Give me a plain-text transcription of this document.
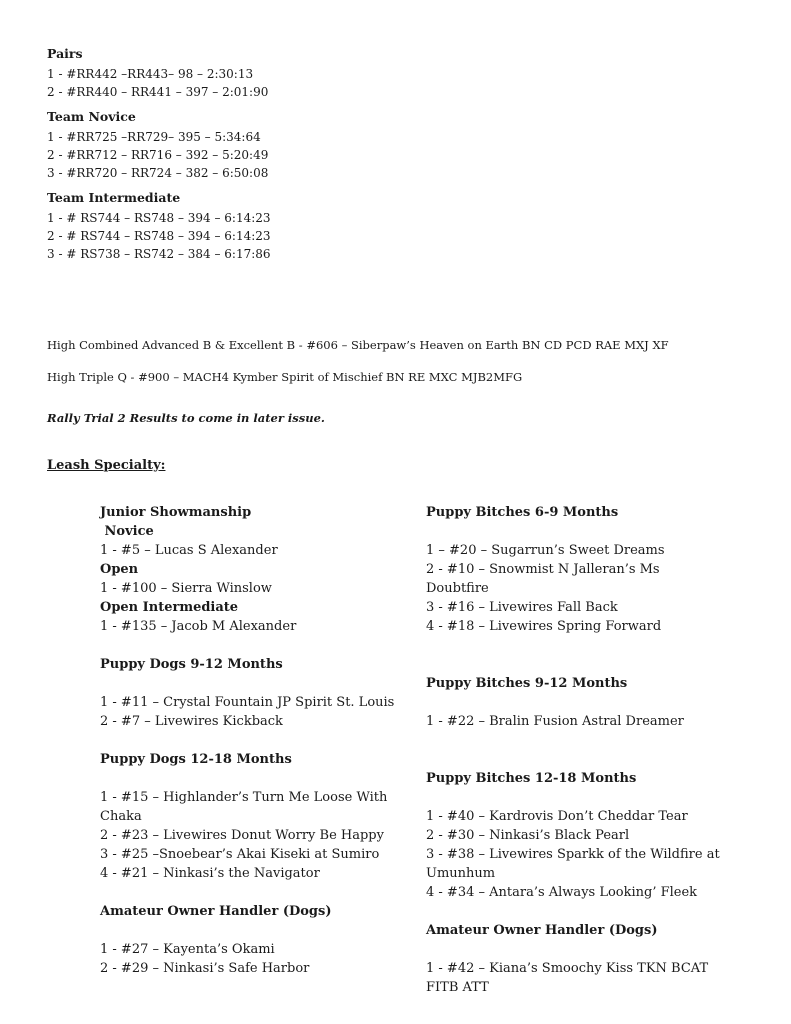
Pairs

1 - #RR442 –RR443– 98 – 2:30:13

2 - #RR440 – RR441 – 397 – 2:01:90

Team Novice

1 - #RR725 –RR729– 395 – 5:34:64

2 - #RR712 – RR716 – 392 – 5:20:49

3 - #RR720 – RR724 – 382 – 6:50:08

Team Intermediate

1 - # RS744 – RS748 – 394 – 6:14:23

2 - # RS744 – RS748 – 394 – 6:14:23

3 - # RS738 – RS742 – 384 – 6:17:86

High Combined Advanced B & Excellent B - #606 – Siberpaw’s Heaven on Earth BN CD PCD RAE MXJ XF
High Triple Q - #900 – MACH4 Kymber Spirit of Mischief BN RE MXC MJB2MFG
Rally Trial 2 Results to come in later issue.
Leash Specialty:
Junior Showmanship
Novice
1 - #5 – Lucas S Alexander
Open
1 - #100 – Sierra Winslow
Open Intermediate
1 - #135 – Jacob M Alexander
Puppy Dogs 9-12 Months
1 - #11 – Crystal Fountain JP Spirit St. Louis
2 - #7 – Livewires Kickback
Puppy Dogs 12-18 Months
1 - #15 – Highlander’s Turn Me Loose With Chaka
2 - #23 – Livewires Donut Worry Be Happy
3 - #25 –Snoebear’s Akai Kiseki at Sumiro
4 - #21 – Ninkasi’s the Navigator
Amateur Owner Handler (Dogs)
1 - #27 – Kayenta’s Okami
2 - #29 – Ninkasi’s Safe Harbor
Puppy Bitches 6-9 Months
1 – #20 – Sugarrun’s Sweet Dreams
2 - #10 – Snowmist N Jalleran’s Ms Doubtfire
3 - #16 – Livewires Fall Back
4 - #18 – Livewires Spring Forward
Puppy Bitches 9-12 Months
1 - #22 – Bralin Fusion Astral Dreamer
Puppy Bitches 12-18 Months
1 - #40 – Kardrovis Don’t Cheddar Tear
2 - #30 – Ninkasi’s Black Pearl
3 - #38 – Livewires Sparkk of the Wildfire at Umunhum
4 - #34 – Antara’s Always Looking’ Fleek
Amateur Owner Handler (Dogs)
1 - #42 – Kiana’s Smoochy Kiss TKN BCAT FITB ATT
